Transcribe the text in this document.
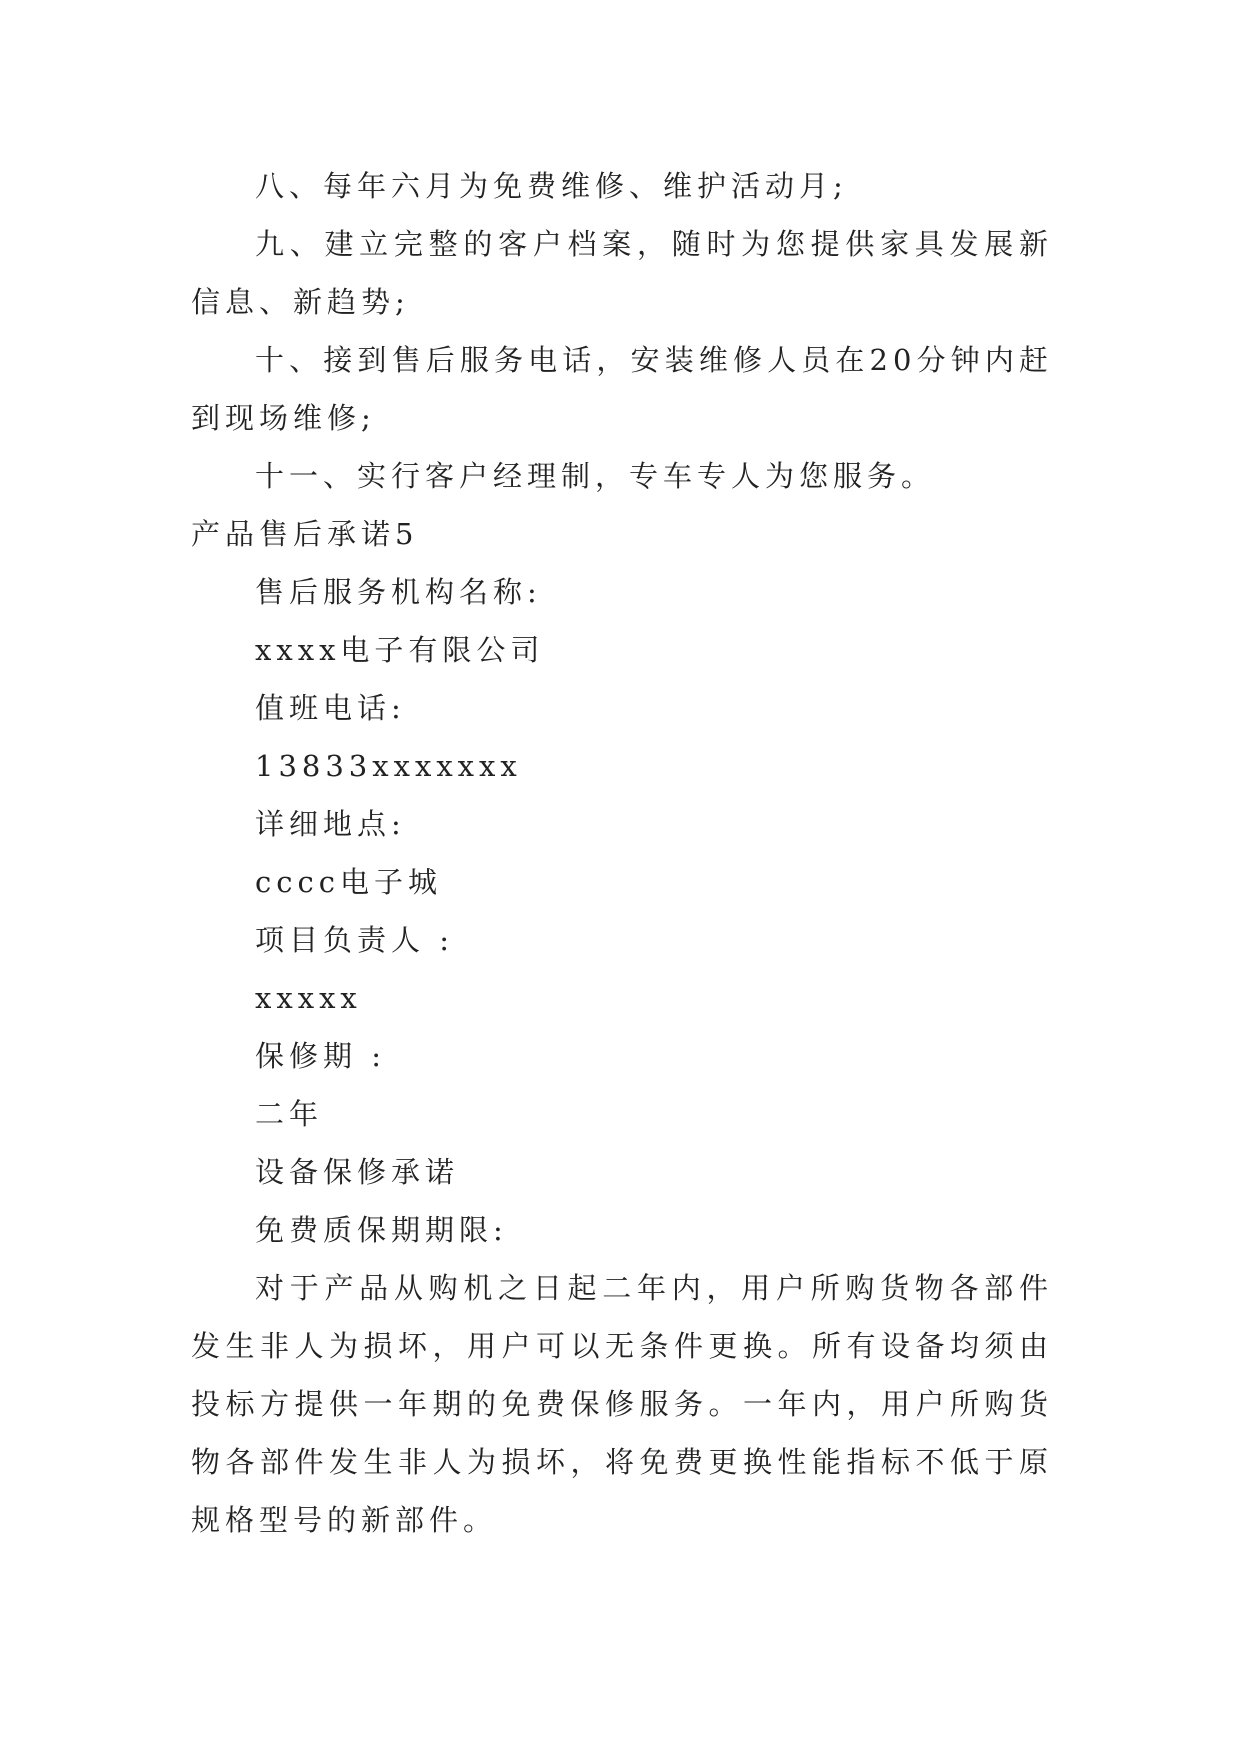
八、每年六月为免费维修、维护活动月;

九、建立完整的客户档案，随时为您提供家具发展新信息、新趋势;

十、接到售后服务电话，安装维修人员在20分钟内赶到现场维修;

十一、实行客户经理制，专车专人为您服务。

产品售后承诺5

售后服务机构名称:

xxxx电子有限公司

值班电话:

13833xxxxxxx

详细地点:

cccc电子城

项目负责人 :

xxxxx

保修期 :

二年

设备保修承诺

免费质保期期限:

对于产品从购机之日起二年内，用户所购货物各部件发生非人为损坏，用户可以无条件更换。所有设备均须由投标方提供一年期的免费保修服务。一年内，用户所购货物各部件发生非人为损坏，将免费更换性能指标不低于原规格型号的新部件。
